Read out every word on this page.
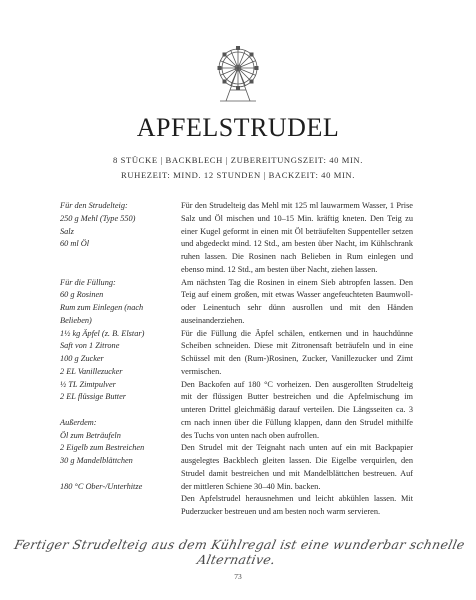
APFELSTRUDEL
8 STÜCKE | BACKBLECH | ZUBEREITUNGSZEIT: 40 MIN.
RUHEZEIT: MIND. 12 STUNDEN | BACKZEIT: 40 MIN.
Für den Strudelteig:
250 g Mehl (Type 550)
Salz
60 ml Öl
Für die Füllung:
60 g Rosinen
Rum zum Einlegen (nach
Belieben)
1½ kg Äpfel (z. B. Elstar)
Saft von 1 Zitrone
100 g Zucker
2 EL Vanillezucker
½ TL Zimtpulver
2 EL flüssige Butter
Außerdem:
Öl zum Beträufeln
2 Eigelb zum Bestreichen
30 g Mandelblättchen
180 °C Ober-/Unterhitze

Für den Strudelteig das Mehl mit 125 ml lauwarmem Wasser, 1 Prise Salz und Öl mischen und 10–15 Min. kräftig kneten. Den Teig zu einer Kugel geformt in einen mit Öl beträufelten Suppenteller setzen und abgedeckt mind. 12 Std., am besten über Nacht, im Kühlschrank ruhen lassen. Die Rosinen nach Belieben in Rum einlegen und ebenso mind. 12 Std., am besten über Nacht, ziehen lassen.

Am nächsten Tag die Rosinen in einem Sieb abtropfen lassen. Den Teig auf einem großen, mit etwas Wasser angefeuchteten Baumwoll- oder Leinentuch sehr dünn ausrollen und mit den Händen auseinanderziehen.

Für die Füllung die Äpfel schälen, entkernen und in hauchdünne Scheiben schneiden. Diese mit Zitronensaft beträufeln und in eine Schüssel mit den (Rum-)Rosinen, Zucker, Vanillezucker und Zimt vermischen.

Den Backofen auf 180 °C vorheizen. Den ausgerollten Strudelteig mit der flüssigen Butter bestreichen und die Apfelmischung im unteren Drittel gleichmäßig darauf verteilen. Die Längsseiten ca. 3 cm nach innen über die Füllung klappen, dann den Strudel mithilfe des Tuchs von unten nach oben aufrollen.

Den Strudel mit der Teignaht nach unten auf ein mit Backpapier ausgelegtes Backblech gleiten lassen. Die Eigelbe verquirlen, den Strudel damit bestreichen und mit Mandelblättchen bestreuen. Auf der mittleren Schiene 30–40 Min. backen.

Den Apfelstrudel herausnehmen und leicht abkühlen lassen. Mit Puderzucker bestreuen und am besten noch warm servieren.

Fertiger Strudelteig aus dem Kühlregal ist eine wunderbar schnelle Alternative.
73
